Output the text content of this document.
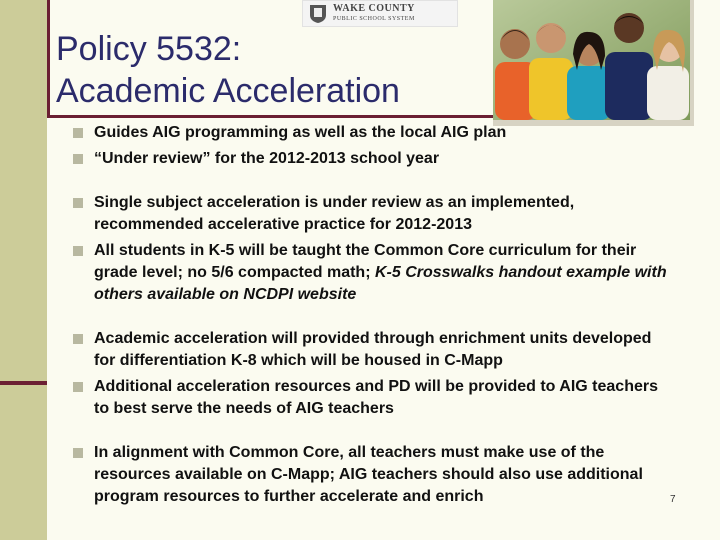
WAKE COUNTY
PUBLIC SCHOOL SYSTEM
Policy 5532:
Academic Acceleration
Guides AIG programming as well as the local AIG plan
“Under review” for the 2012-2013 school year
Single subject acceleration is under review as an implemented, recommended accelerative practice for 2012-2013
All students in K-5 will be taught the Common Core curriculum for their grade level; no 5/6 compacted math; K-5 Crosswalks handout example with others available on NCDPI website
Academic acceleration will provided through enrichment units developed for differentiation K-8 which will be housed in C-Mapp
Additional acceleration resources and PD will be provided to AIG teachers to best serve the needs of AIG teachers
In alignment with Common Core, all teachers must make use of the resources available on C-Mapp; AIG teachers should also use additional program resources to further accelerate and enrich	7
